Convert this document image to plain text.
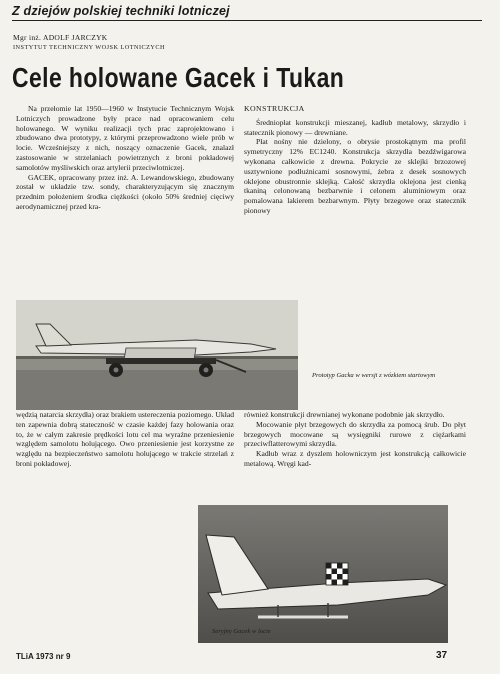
Z dziejów polskiej techniki lotniczej
Mgr inż. ADOLF JARCZYK
INSTYTUT TECHNICZNY WOJSK LOTNICZYCH
Cele holowane Gacek i Tukan

Na przełomie lat 1950—1960 w Instytucie Technicznym Wojsk Lotniczych prowadzone były prace nad opracowaniem celu holowanego. W wyniku realizacji tych prac zaprojektowano i zbudowano dwa prototypy, z którymi przeprowadzono wiele prób w locie. Wcześniejszy z nich, noszący oznaczenie Gacek, znalazł zastosowanie w strzelaniach powietrznych z broni pokładowej samolotów myśliwskich oraz artylerii przeciwlotniczej.

GACEK, opracowany przez inż. A. Lewandowskiego, zbudowany został w układzie tzw. sondy, charakteryzującym się znacznym przednim położeniem środka ciężkości (około 50% średniej cięciwy aerodynamicznej przed kra-

KONSTRUKCJA

Średniopłat konstrukcji mieszanej, kadłub metalowy, skrzydło i statecznik pionowy — drewniane.

Płat nośny nie dzielony, o obrysie prostokątnym ma profil symetryczny 12% EC1240. Konstrukcja skrzydła bezdźwigarowa wykonana całkowicie z drewna. Pokrycie ze sklejki brzozowej usztywnione podłużnicami sosnowymi, żebra z desek sosnowych oklejone obustronnie sklejką. Całość skrzydła oklejona jest cienką tkaniną celonowaną bezbarwnie i celonem aluminiowym oraz pomalowana lakierem bezbarwnym. Płyty brzegowe oraz statecznik pionowy

Prototyp Gacka w wersji z wózkiem startowym

wędzią natarcia skrzydła) oraz brakiem ustereczenia poziomego. Układ ten zapewnia dobrą stateczność w czasie każdej fazy holowania oraz to, że w całym zakresie prędkości lotu cel ma wyraźne przeniesienie względem samolotu holującego. Owo przeniesienie jest korzystne ze względu na bezpieczeństwo samolotu holującego w trakcie strzelań z broni pokładowej.

również konstrukcji drewnianej wykonane podobnie jak skrzydło.

Mocowanie płyt brzegowych do skrzydła za pomocą śrub. Do płyt brzegowych mocowane są wysięgniki rurowe z ciężarkami przeciwflatterowymi skrzydła.

Kadłub wraz z dyszlem holowniczym jest konstrukcją całkowicie metalową. Wręgi kad-

Seryjny Gacek w locie
TLiA 1973 nr 9	37
